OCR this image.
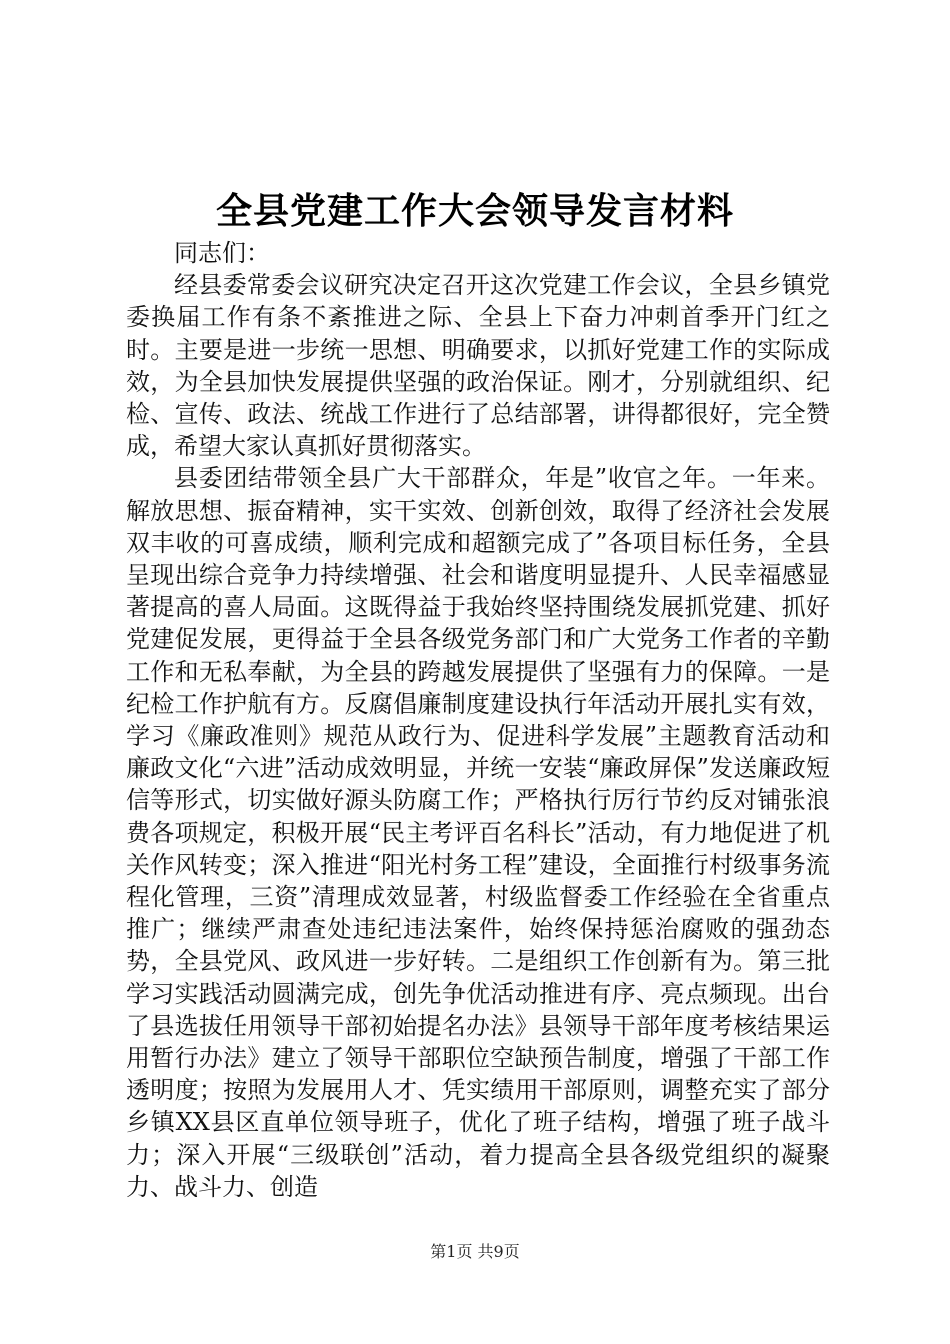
全县党建工作大会领导发言材料

同志们：

经县委常委会议研究决定召开这次党建工作会议，全县乡镇党委换届工作有条不紊推进之际、全县上下奋力冲刺首季开门红之时。主要是进一步统一思想、明确要求，以抓好党建工作的实际成效，为全县加快发展提供坚强的政治保证。刚才，分别就组织、纪检、宣传、政法、统战工作进行了总结部署，讲得都很好，完全赞成，希望大家认真抓好贯彻落实。

县委团结带领全县广大干部群众，年是”收官之年。一年来。解放思想、振奋精神，实干实效、创新创效，取得了经济社会发展双丰收的可喜成绩，顺利完成和超额完成了”各项目标任务，全县呈现出综合竞争力持续增强、社会和谐度明显提升、人民幸福感显著提高的喜人局面。这既得益于我始终坚持围绕发展抓党建、抓好党建促发展，更得益于全县各级党务部门和广大党务工作者的辛勤工作和无私奉献，为全县的跨越发展提供了坚强有力的保障。一是纪检工作护航有方。反腐倡廉制度建设执行年活动开展扎实有效，学习《廉政准则》规范从政行为、促进科学发展”主题教育活动和廉政文化“六进”活动成效明显，并统一安装“廉政屏保”发送廉政短信等形式，切实做好源头防腐工作；严格执行厉行节约反对铺张浪费各项规定，积极开展“民主考评百名科长”活动，有力地促进了机关作风转变；深入推进“阳光村务工程”建设，全面推行村级事务流程化管理，三资”清理成效显著，村级监督委工作经验在全省重点推广；继续严肃查处违纪违法案件，始终保持惩治腐败的强劲态势，全县党风、政风进一步好转。二是组织工作创新有为。第三批学习实践活动圆满完成，创先争优活动推进有序、亮点频现。出台了县选拔任用领导干部初始提名办法》县领导干部年度考核结果运用暂行办法》建立了领导干部职位空缺预告制度，增强了干部工作透明度；按照为发展用人才、凭实绩用干部原则，调整充实了部分乡镇XX县区直单位领导班子，优化了班子结构，增强了班子战斗力；深入开展“三级联创”活动，着力提高全县各级党组织的凝聚力、战斗力、创造

第1页 共9页
